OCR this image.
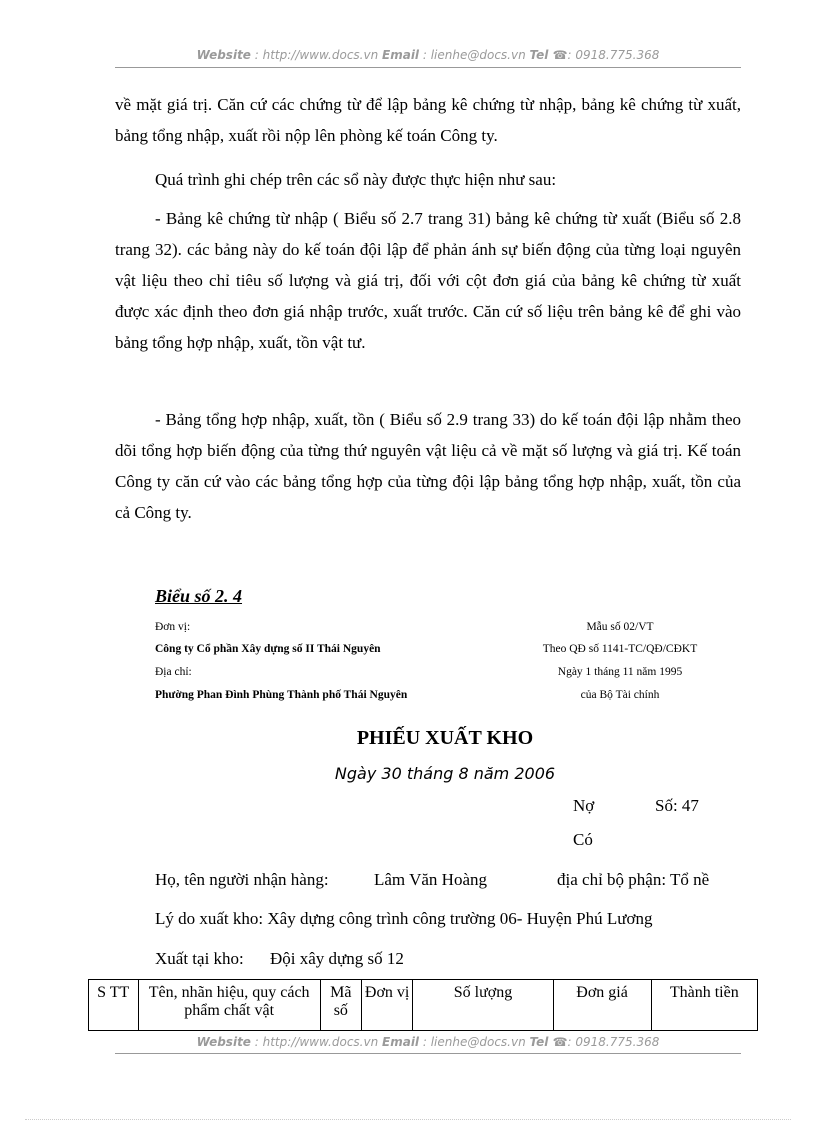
Website : http://www.docs.vn Email : lienhe@docs.vn Tel ☎: 0918.775.368

về mặt giá trị. Căn cứ các chứng từ để lập bảng kê chứng từ nhập, bảng kê chứng từ xuất, bảng tổng nhập, xuất rồi nộp lên phòng kế toán Công ty.

Quá trình ghi chép trên các sổ này được thực hiện như sau:

- Bảng kê chứng từ nhập ( Biểu số 2.7 trang 31) bảng kê chứng từ xuất (Biểu số 2.8 trang 32). các bảng này do kế toán đội lập để phản ánh sự biến động của từng loại nguyên vật liệu theo chỉ tiêu số lượng và giá trị, đối với cột đơn giá của bảng kê chứng từ xuất được xác định theo đơn giá nhập trước, xuất trước. Căn cứ số liệu trên bảng kê để ghi vào bảng tổng hợp nhập, xuất, tồn vật tư.

- Bảng tổng hợp nhập, xuất, tồn ( Biểu số 2.9 trang 33) do kế toán đội lập nhằm theo dõi tổng hợp biến động của từng thứ nguyên vật liệu cả về mặt số lượng và giá trị. Kế toán Công ty căn cứ vào các bảng tổng hợp của từng đội lập bảng tổng hợp nhập, xuất, tồn của cả Công ty.

Biểu số 2. 4
Đơn vị:
Công ty Cổ phần Xây dựng số II Thái Nguyên
Địa chỉ:
Phường Phan Đình Phùng Thành phố Thái Nguyên
Mẫu số 02/VT
Theo QĐ số 1141-TC/QĐ/CĐKT
Ngày 1 tháng 11 năm 1995
của Bộ Tài chính
PHIẾU XUẤT KHO
Ngày 30 tháng 8 năm 2006
Nợ	Số: 47
Có
Họ, tên người nhận hàng:	Lâm Văn Hoàng	địa chỉ bộ phận: Tổ nề
Lý do xuất kho: Xây dựng công trình công trường 06- Huyện Phú Lương
Xuất tại kho: Đội xây dựng số 12
S TT	Tên, nhãn hiệu, quy cách phẩm chất vật	Mã số	Đơn vị	Số lượng	Đơn giá	Thành tiền
Website : http://www.docs.vn Email : lienhe@docs.vn Tel ☎: 0918.775.368
